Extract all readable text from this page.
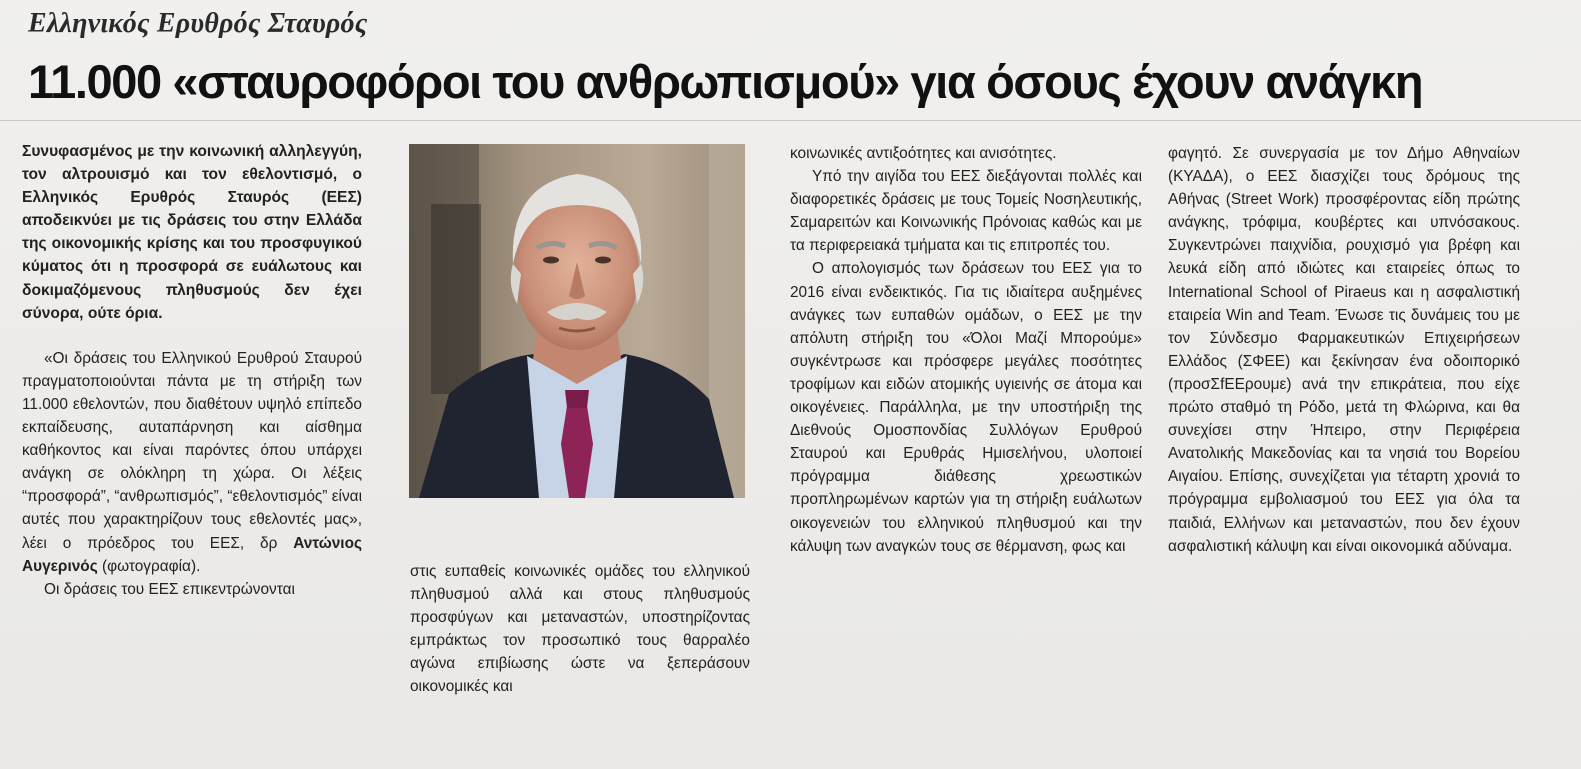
Ελληνικός Ερυθρός Σταυρός
11.000 «σταυροφόροι του ανθρωπισμού» για όσους έχουν ανάγκη

Συνυφασμένος με την κοινωνική αλληλεγγύη, τον αλτρουισμό και τον εθελοντισμό, ο Ελληνικός Ερυθρός Σταυρός (ΕΕΣ) αποδεικνύει με τις δράσεις του στην Ελλάδα της οικονομικής κρίσης και του προσφυγικού κύματος ότι η προσφορά σε ευάλωτους και δοκιμαζόμενους πληθυσμούς δεν έχει σύνορα, ούτε όρια.

«Οι δράσεις του Ελληνικού Ερυθρού Σταυρού πραγματοποιούνται πάντα με τη στήριξη των 11.000 εθελοντών, που διαθέτουν υψηλό επίπεδο εκπαίδευσης, αυταπάρνηση και αίσθημα καθήκοντος και είναι παρόντες όπου υπάρχει ανάγκη σε ολόκληρη τη χώρα. Οι λέξεις “προσφορά”, “ανθρωπισμός”, “εθελοντισμός” είναι αυτές που χαρακτηρίζουν τους εθελοντές μας», λέει ο πρόεδρος του ΕΕΣ, δρ Αντώνιος Αυγερινός (φωτογραφία).

Οι δράσεις του ΕΕΣ επικεντρώνονται

στις ευπαθείς κοινωνικές ομάδες του ελληνικού πληθυσμού αλλά και στους πληθυσμούς προσφύγων και μεταναστών, υποστηρίζοντας εμπράκτως τον προσωπικό τους θαρραλέο αγώνα επιβίωσης ώστε να ξεπεράσουν οικονομικές και

κοινωνικές αντιξοότητες και ανισότητες.

Υπό την αιγίδα του ΕΕΣ διεξάγονται πολλές και διαφορετικές δράσεις με τους Τομείς Νοσηλευτικής, Σαμαρειτών και Κοινωνικής Πρόνοιας καθώς και με τα περιφερειακά τμήματα και τις επιτροπές του.

Ο απολογισμός των δράσεων του ΕΕΣ για το 2016 είναι ενδεικτικός. Για τις ιδιαίτερα αυξημένες ανάγκες των ευπαθών ομάδων, ο ΕΕΣ με την απόλυτη στήριξη του «Όλοι Μαζί Μπορούμε» συγκέντρωσε και πρόσφερε μεγάλες ποσότητες τροφίμων και ειδών ατομικής υγιεινής σε άτομα και οικογένειες. Παράλληλα, με την υποστήριξη της Διεθνούς Ομοσπονδίας Συλλόγων Ερυθρού Σταυρού και Ερυθράς Ημισελήνου, υλοποιεί πρόγραμμα διάθεσης χρεωστικών προπληρωμένων καρτών για τη στήριξη ευάλωτων οικογενειών του ελληνικού πληθυσμού και την κάλυψη των αναγκών τους σε θέρμανση, φως και

φαγητό. Σε συνεργασία με τον Δήμο Αθηναίων (ΚΥΑΔΑ), ο ΕΕΣ διασχίζει τους δρόμους της Αθήνας (Street Work) προσφέροντας είδη πρώτης ανάγκης, τρόφιμα, κουβέρτες και υπνόσακους. Συγκεντρώνει παιχνίδια, ρουχισμό για βρέφη και λευκά είδη από ιδιώτες και εταιρείες όπως το International School of Piraeus και η ασφαλιστική εταιρεία Win and Team. Ένωσε τις δυνάμεις του με τον Σύνδεσμο Φαρμακευτικών Επιχειρήσεων Ελλάδος (ΣΦΕΕ) και ξεκίνησαν ένα οδοιπορικό (προσΣfΕΕρουμε) ανά την επικράτεια, που είχε πρώτο σταθμό τη Ρόδο, μετά τη Φλώρινα, και θα συνεχίσει στην Ήπειρο, στην Περιφέρεια Ανατολικής Μακεδονίας και τα νησιά του Βορείου Αιγαίου. Επίσης, συνεχίζεται για τέταρτη χρονιά το πρόγραμμα εμβολιασμού του ΕΕΣ για όλα τα παιδιά, Ελλήνων και μεταναστών, που δεν έχουν ασφαλιστική κάλυψη και είναι οικονομικά αδύναμα.
